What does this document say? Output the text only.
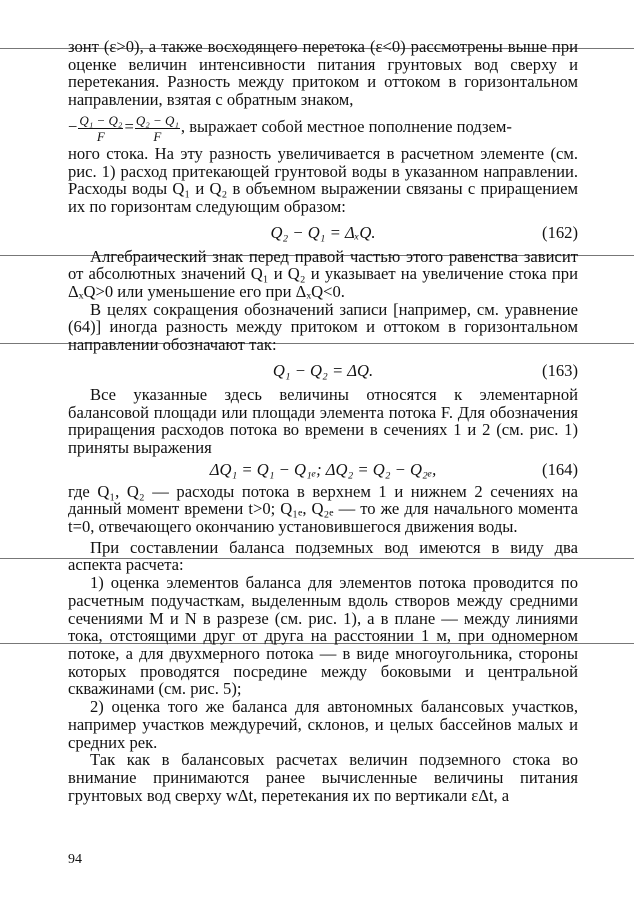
зонт (ε>0), а также восходящего перетока (ε<0) рассмотрены выше при оценке величин интенсивности питания грунтовых вод сверху и перетекания. Разность между притоком и оттоком в горизонтальном направлении, взятая с обратным знаком,

− $\frac{\text{Q₁ − Q₂}}{F} = \frac{\text{Q₂ − Q₁}}{F}$ , выражает собой местное пополнение подзем-

ного стока. На эту разность увеличивается в расчетном элементе (см. рис. 1) расход притекающей грунтовой воды в указанном направлении. Расходы воды Q₁ и Q₂ в объемном выражении связаны с приращением их по горизонтам следующим образом:

Q₂ − Q₁ = ΔₓQ.	(162)

Алгебраический знак перед правой частью этого равенства зависит от абсолютных значений Q₁ и Q₂ и указывает на увеличение стока при ΔₓQ>0 или уменьшение его при ΔₓQ<0.

В целях сокращения обозначений записи [например, см. уравнение (64)] иногда разность между притоком и оттоком в горизонтальном направлении обозначают так:

Q₁ − Q₂ = ΔQ.	(163)

Все указанные здесь величины относятся к элементарной балансовой площади или площади элемента потока F. Для обозначения приращения расходов потока во времени в сечениях 1 и 2 (см. рис. 1) приняты выражения

ΔQ₁ = Q₁ − Q₁ₑ; ΔQ₂ = Q₂ − Q₂ₑ,	(164)

где Q₁, Q₂ — расходы потока в верхнем 1 и нижнем 2 сечениях на данный момент времени t>0; Q₁ₑ, Q₂ₑ — то же для начального момента t=0, отвечающего окончанию установившегося движения воды.

При составлении баланса подземных вод имеются в виду два аспекта расчета:

1) оценка элементов баланса для элементов потока проводится по расчетным подучасткам, выделенным вдоль створов между средними сечениями M и N в разрезе (см. рис. 1), а в плане — между линиями тока, отстоящими друг от друга на расстоянии 1 м, при одномерном потоке, а для двухмерного потока — в виде многоугольника, стороны которых проводятся посредине между боковыми и центральной скважинами (см. рис. 5);

2) оценка того же баланса для автономных балансовых участков, например участков междуречий, склонов, и целых бассейнов малых и средних рек.

Так как в балансовых расчетах величин подземного стока во внимание принимаются ранее вычисленные величины питания грунтовых вод сверху wΔt, перетекания их по вертикали εΔt, а

94
